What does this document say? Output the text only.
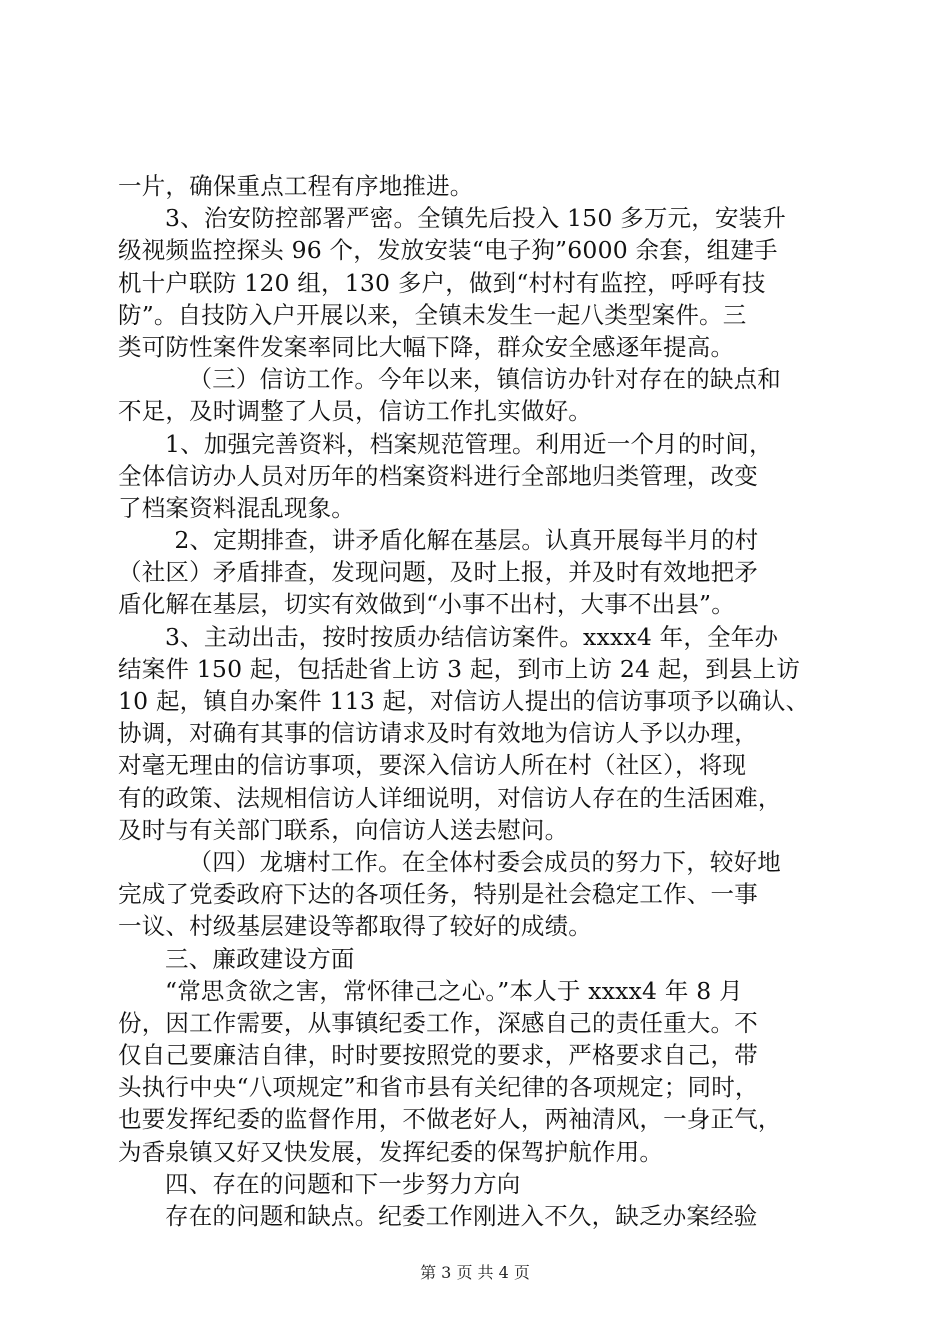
一片，确保重点工程有序地推进。
3、治安防控部署严密。全镇先后投入 150 多万元，安装升
级视频监控探头 96 个，发放安装“电子狗”6000 余套，组建手
机十户联防 120 组，130 多户，做到“村村有监控，呼呼有技
防”。自技防入户开展以来，全镇未发生一起八类型案件。三
类可防性案件发案率同比大幅下降，群众安全感逐年提高。
（三）信访工作。今年以来，镇信访办针对存在的缺点和
不足，及时调整了人员，信访工作扎实做好。
1、加强完善资料，档案规范管理。利用近一个月的时间，
全体信访办人员对历年的档案资料进行全部地归类管理，改变
了档案资料混乱现象。
2、定期排查，讲矛盾化解在基层。认真开展每半月的村
（社区）矛盾排查，发现问题，及时上报，并及时有效地把矛
盾化解在基层，切实有效做到“小事不出村，大事不出县”。
3、主动出击，按时按质办结信访案件。xxxx4 年，全年办
结案件 150 起，包括赴省上访 3 起，到市上访 24 起，到县上访
10 起，镇自办案件 113 起，对信访人提出的信访事项予以确认、
协调，对确有其事的信访请求及时有效地为信访人予以办理，
对毫无理由的信访事项，要深入信访人所在村（社区），将现
有的政策、法规相信访人详细说明，对信访人存在的生活困难，
及时与有关部门联系，向信访人送去慰问。
（四）龙塘村工作。在全体村委会成员的努力下，较好地
完成了党委政府下达的各项任务，特别是社会稳定工作、一事
一议、村级基层建设等都取得了较好的成绩。
三、廉政建设方面
“常思贪欲之害，常怀律己之心。”本人于 xxxx4 年 8 月
份，因工作需要，从事镇纪委工作，深感自己的责任重大。不
仅自己要廉洁自律，时时要按照党的要求，严格要求自己，带
头执行中央“八项规定”和省市县有关纪律的各项规定；同时，
也要发挥纪委的监督作用，不做老好人，两袖清风，一身正气，
为香泉镇又好又快发展，发挥纪委的保驾护航作用。
四、存在的问题和下一步努力方向
存在的问题和缺点。纪委工作刚进入不久，缺乏办案经验
第 3 页 共 4 页
